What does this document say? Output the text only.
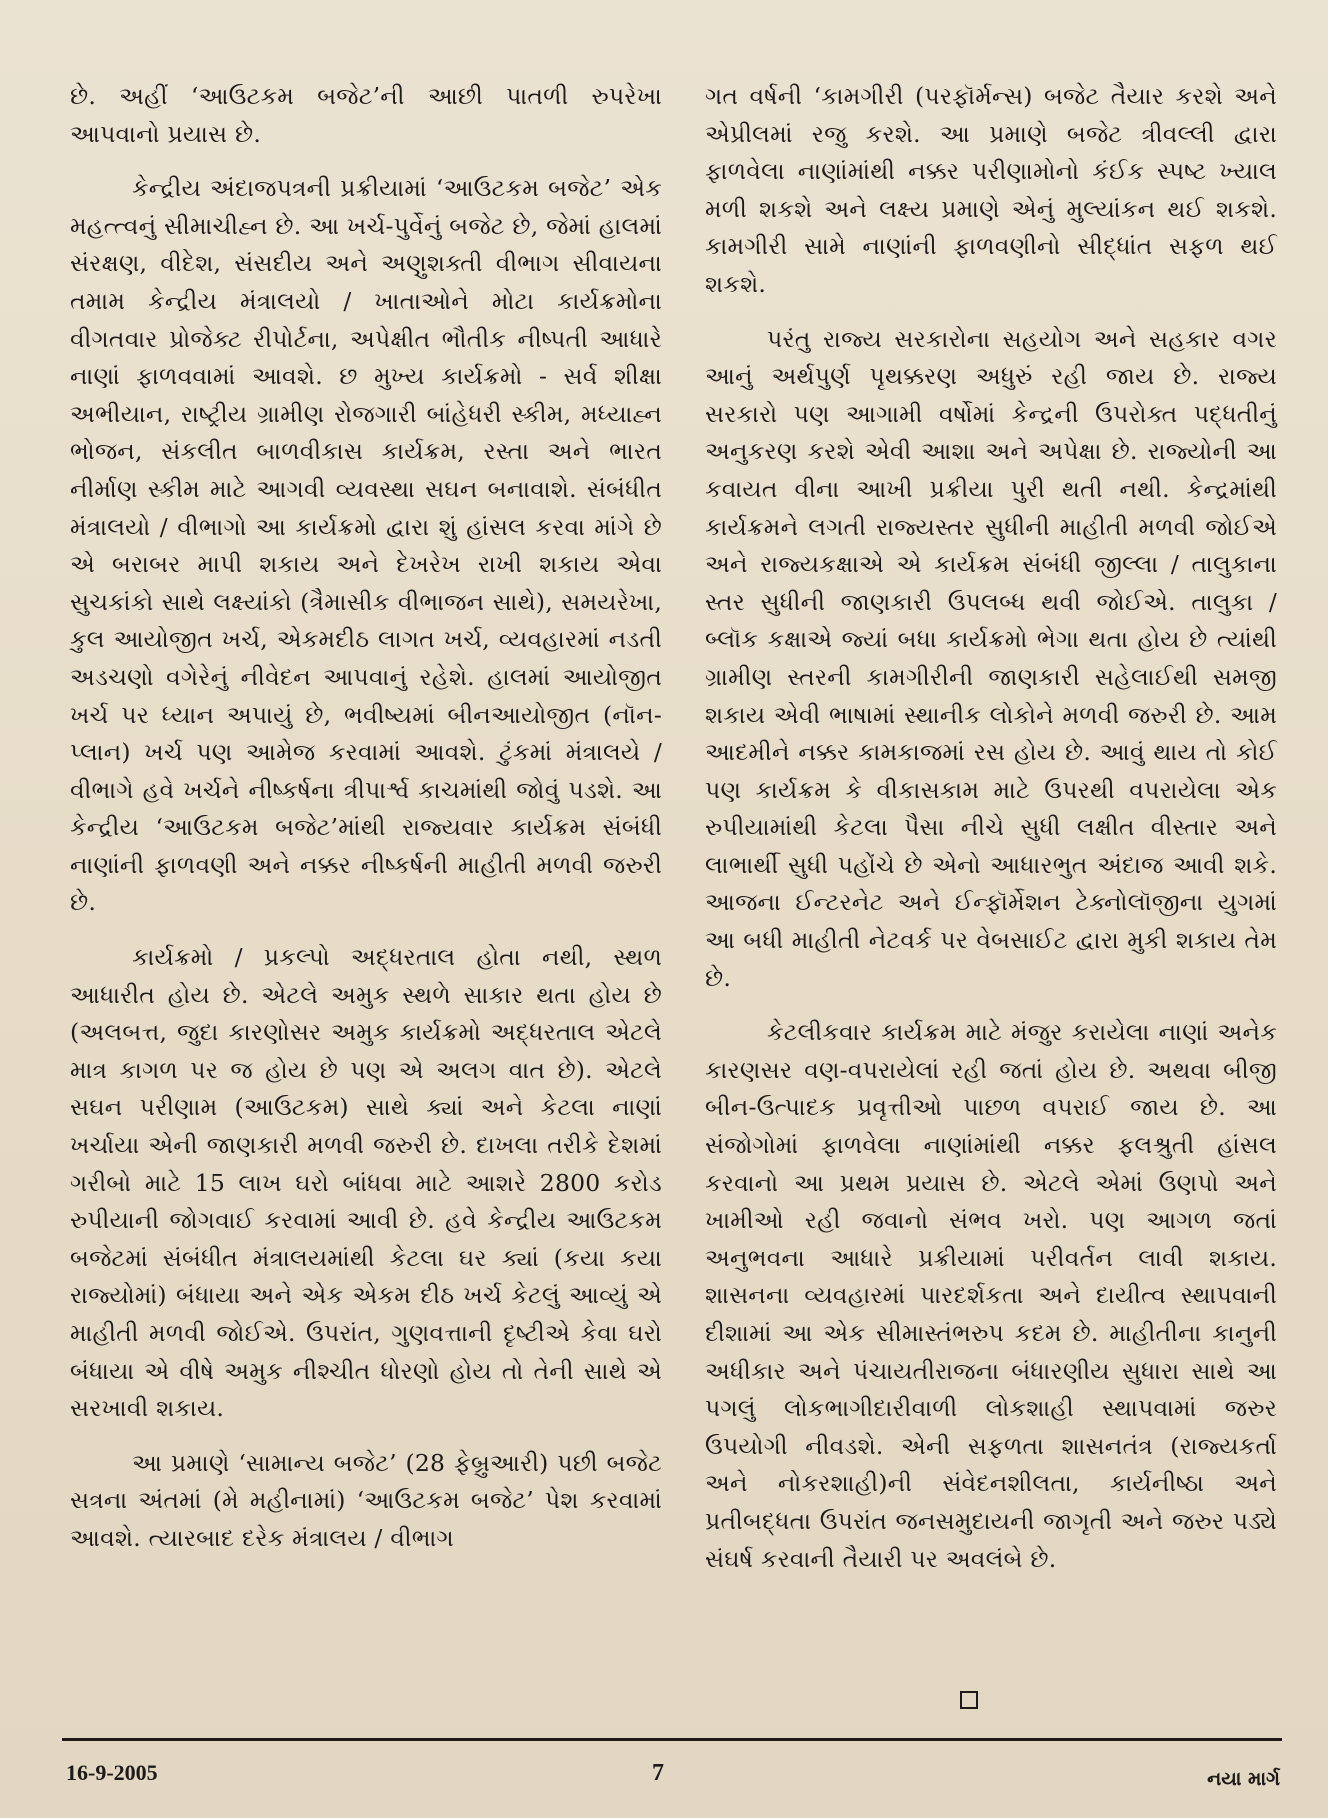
છે. અહીં ‘આઉટકમ બજેટ’ની આછી પાતળી રુપરેખા આપવાનો પ્રયાસ છે.

કેન્દ્રીય અંદાજપત્રની પ્રક્રીયામાં ‘આઉટકમ બજેટ’ એક મહત્ત્વનું સીમાચીહ્ન છે. આ ખર્ચ-પુર્વેનું બજેટ છે, જેમાં હાલમાં સંરક્ષણ, વીદેશ, સંસદીય અને અણુશક્તી વીભાગ સીવાયના તમામ કેન્દ્રીય મંત્રાલયો / ખાતાઓને મોટા કાર્યક્રમોના વીગતવાર પ્રોજેક્ટ રીપોર્ટના, અપેક્ષીત ભૌતીક નીષ્પતી આધારે નાણાં ફાળવવામાં આવશે. છ મુખ્ય કાર્યક્રમો - સર્વ શીક્ષા અભીયાન, રાષ્ટ્રીય ગ્રામીણ રોજગારી બાંહેધરી સ્કીમ, મધ્યાહ્ન ભોજન, સંકલીત બાળવીકાસ કાર્યક્રમ, રસ્તા અને ભારત નીર્માણ સ્કીમ માટે આગવી વ્યવસ્થા સઘન બનાવાશે. સંબંધીત મંત્રાલયો / વીભાગો આ કાર્યક્રમો દ્વારા શું હાંસલ કરવા માંગે છે એ બરાબર માપી શકાય અને દેખરેખ રાખી શકાય એવા સુચકાંકો સાથે લક્ષ્યાંકો (ત્રૈમાસીક વીભાજન સાથે), સમયરેખા, કુલ આયોજીત ખર્ચ, એકમદીઠ લાગત ખર્ચ, વ્યવહારમાં નડતી અડચણો વગેરેનું નીવેદન આપવાનું રહેશે. હાલમાં આયોજીત ખર્ચ પર ધ્યાન અપાયું છે, ભવીષ્યમાં બીનઆયોજીત (નૉન-પ્લાન) ખર્ચ પણ આમેજ કરવામાં આવશે. ટુંકમાં મંત્રાલયે / વીભાગે હવે ખર્ચને નીષ્કર્ષના ત્રીપાર્શ્વ કાચમાંથી જોવું પડશે. આ કેન્દ્રીય ‘આઉટકમ બજેટ’માંથી રાજ્યવાર કાર્યક્રમ સંબંધી નાણાંની ફાળવણી અને નક્કર નીષ્કર્ષની માહીતી મળવી જરુરી છે.

કાર્યક્રમો / પ્રકલ્પો અદ્ધરતાલ હોતા નથી, સ્થળ આધારીત હોય છે. એટલે અમુક સ્થળે સાકાર થતા હોય છે (અલબત્ત, જુદા કારણોસર અમુક કાર્યક્રમો અદ્ધરતાલ એટલે માત્ર કાગળ પર જ હોય છે પણ એ અલગ વાત છે). એટલે સઘન પરીણામ (આઉટકમ) સાથે ક્યાં અને કેટલા નાણાં ખર્ચાયા એની જાણકારી મળવી જરુરી છે. દાખલા તરીકે દેશમાં ગરીબો માટે 15 લાખ ઘરો બાંધવા માટે આશરે 2800 કરોડ રુપીયાની જોગવાઈ કરવામાં આવી છે. હવે કેન્દ્રીય આઉટકમ બજેટમાં સંબંધીત મંત્રાલયમાંથી કેટલા ઘર ક્યાં (કયા કયા રાજ્યોમાં) બંધાયા અને એક એકમ દીઠ ખર્ચ કેટલું આવ્યું એ માહીતી મળવી જોઈએ. ઉપરાંત, ગુણવત્તાની દૃષ્ટીએ કેવા ઘરો બંધાયા એ વીષે અમુક નીશ્ચીત ધોરણો હોય તો તેની સાથે એ સરખાવી શકાય.

આ પ્રમાણે ‘સામાન્ય બજેટ’ (28 ફેબ્રુઆરી) પછી બજેટ સત્રના અંતમાં (મે મહીનામાં) ‘આઉટકમ બજેટ’ પેશ કરવામાં આવશે. ત્યારબાદ દરેક મંત્રાલય / વીભાગ

ગત વર્ષની ‘કામગીરી (પરફૉર્મન્સ) બજેટ તૈયાર કરશે અને એપ્રીલમાં રજુ કરશે. આ પ્રમાણે બજેટ ત્રીવલ્લી દ્વારા ફાળવેલા નાણાંમાંથી નક્કર પરીણામોનો કંઈક સ્પષ્ટ ખ્યાલ મળી શકશે અને લક્ષ્ય પ્રમાણે એનું મુલ્યાંકન થઈ શકશે. કામગીરી સામે નાણાંની ફાળવણીનો સીદ્ધાંત સફળ થઈ શકશે.

પરંતુ રાજ્ય સરકારોના સહયોગ અને સહકાર વગર આનું અર્થપુર્ણ પૃથક્કરણ અધુરું રહી જાય છે. રાજ્ય સરકારો પણ આગામી વર્ષોમાં કેન્દ્રની ઉપરોક્ત પદ્ધતીનું અનુકરણ કરશે એવી આશા અને અપેક્ષા છે. રાજ્યોની આ કવાયત વીના આખી પ્રક્રીયા પુરી થતી નથી. કેન્દ્રમાંથી કાર્યક્રમને લગતી રાજ્યસ્તર સુધીની માહીતી મળવી જોઈએ અને રાજ્યકક્ષાએ એ કાર્યક્રમ સંબંધી જીલ્લા / તાલુકાના સ્તર સુધીની જાણકારી ઉપલબ્ધ થવી જોઈએ. તાલુકા / બ્લૉક કક્ષાએ જ્યાં બધા કાર્યક્રમો ભેગા થતા હોય છે ત્યાંથી ગ્રામીણ સ્તરની કામગીરીની જાણકારી સહેલાઈથી સમજી શકાય એવી ભાષામાં સ્થાનીક લોકોને મળવી જરુરી છે. આમ આદમીને નક્કર કામકાજમાં રસ હોય છે. આવું થાય તો કોઈ પણ કાર્યક્રમ કે વીકાસકામ માટે ઉપરથી વપરાયેલા એક રુપીયામાંથી કેટલા પૈસા નીચે સુધી લક્ષીત વીસ્તાર અને લાભાર્થી સુધી પહોંચે છે એનો આધારભુત અંદાજ આવી શકે. આજના ઈન્ટરનેટ અને ઈન્ફૉર્મેશન ટેક્નોલૉજીના યુગમાં આ બધી માહીતી નેટવર્ક પર વેબસાઈટ દ્વારા મુકી શકાય તેમ છે.

કેટલીકવાર કાર્યક્રમ માટે મંજુર કરાયેલા નાણાં અનેક કારણસર વણ-વપરાયેલાં રહી જતાં હોય છે. અથવા બીજી બીન-ઉત્પાદક પ્રવૃત્તીઓ પાછળ વપરાઈ જાય છે. આ સંજોગોમાં ફાળવેલા નાણાંમાંથી નક્કર ફલશ્રુતી હાંસલ કરવાનો આ પ્રથમ પ્રયાસ છે. એટલે એમાં ઉણપો અને ખામીઓ રહી જવાનો સંભવ ખરો. પણ આગળ જતાં અનુભવના આધારે પ્રક્રીયામાં પરીવર્તન લાવી શકાય. શાસનના વ્યવહારમાં પારદર્શકતા અને દાયીત્વ સ્થાપવાની દીશામાં આ એક સીમાસ્તંભરુપ કદમ છે. માહીતીના કાનુની અધીકાર અને પંચાયતીરાજના બંધારણીય સુધારા સાથે આ પગલું લોકભાગીદારીવાળી લોકશાહી સ્થાપવામાં જરુર ઉપયોગી નીવડશે. એની સફળતા શાસનતંત્ર (રાજ્યકર્તા અને નોકરશાહી)ની સંવેદનશીલતા, કાર્યનીષ્ઠા અને પ્રતીબદ્ધતા ઉપરાંત જનસમુદાયની જાગૃતી અને જરુર પડ્યે સંઘર્ષ કરવાની તૈયારી પર અવલંબે છે.

16-9-2005	7	નયા માર્ગ
